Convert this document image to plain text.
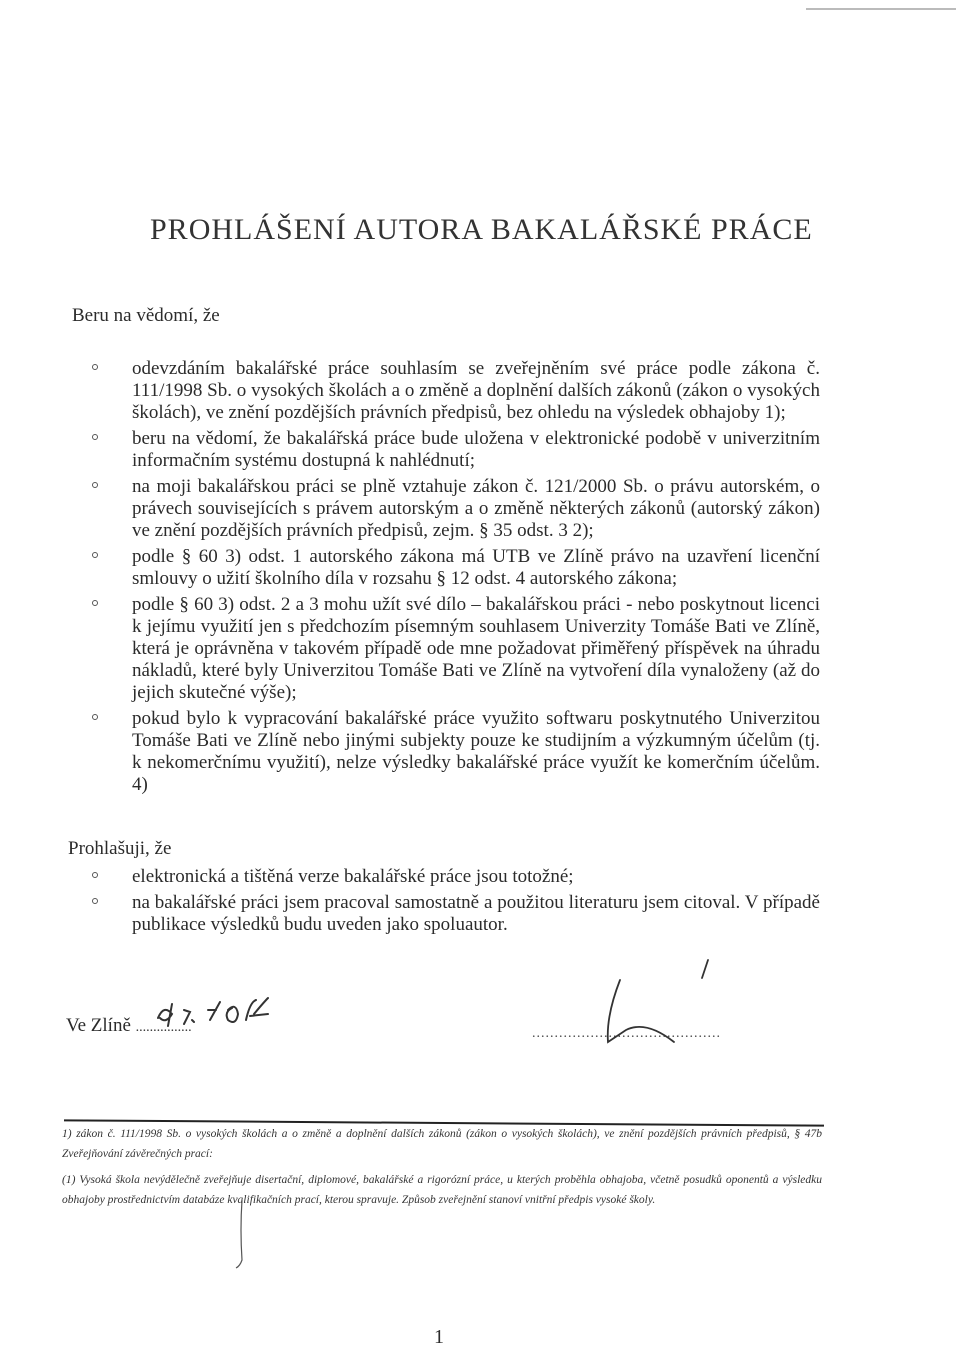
PROHLÁŠENÍ AUTORA BAKALÁŘSKÉ PRÁCE
Beru na vědomí, že
odevzdáním bakalářské práce souhlasím se zveřejněním své práce podle zákona č. 111/1998 Sb. o vysokých školách a o změně a doplnění dalších zákonů (zákon o vysokých školách), ve znění pozdějších právních předpisů, bez ohledu na výsledek obhajoby 1);
beru na vědomí, že bakalářská práce bude uložena v elektronické podobě v univerzitním informačním systému dostupná k nahlédnutí;
na moji bakalářskou práci se plně vztahuje zákon č. 121/2000 Sb. o právu autorském, o právech souvisejících s právem autorským a o změně některých zákonů (autorský zákon) ve znění pozdějších právních předpisů, zejm. § 35 odst. 3 2);
podle § 60 3) odst. 1 autorského zákona má UTB ve Zlíně právo na uzavření licenční smlouvy o užití školního díla v rozsahu § 12 odst. 4 autorského zákona;
podle § 60 3) odst. 2 a 3 mohu užít své dílo – bakalářskou práci - nebo poskytnout licenci k jejímu využití jen s předchozím písemným souhlasem Univerzity Tomáše Bati ve Zlíně, která je oprávněna v takovém případě ode mne požadovat přiměřený příspěvek na úhradu nákladů, které byly Univerzitou Tomáše Bati ve Zlíně na vytvoření díla vynaloženy (až do jejich skutečné výše);
pokud bylo k vypracování bakalářské práce využito softwaru poskytnutého Univerzitou Tomáše Bati ve Zlíně nebo jinými subjekty pouze ke studijním a výzkumným účelům (tj. k nekomerčnímu využití), nelze výsledky bakalářské práce využít ke komerčním účelům. 4)
Prohlašuji, že
elektronická a tištěná verze bakalářské práce jsou totožné;
na bakalářské práci jsem pracoval samostatně a použitou literaturu jsem citoval. V případě publikace výsledků budu uveden jako spoluautor.
Ve Zlíně ................	..........................................

1) zákon č. 111/1998 Sb. o vysokých školách a o změně a doplnění dalších zákonů (zákon o vysokých školách), ve znění pozdějších právních předpisů, § 47b Zveřejňování závěrečných prací:

(1) Vysoká škola nevýdělečně zveřejňuje disertační, diplomové, bakalářské a rigorózní práce, u kterých proběhla obhajoba, včetně posudků oponentů a výsledku obhajoby prostřednictvím databáze kvalifikačních prací, kterou spravuje. Způsob zveřejnění stanoví vnitřní předpis vysoké školy.

1
